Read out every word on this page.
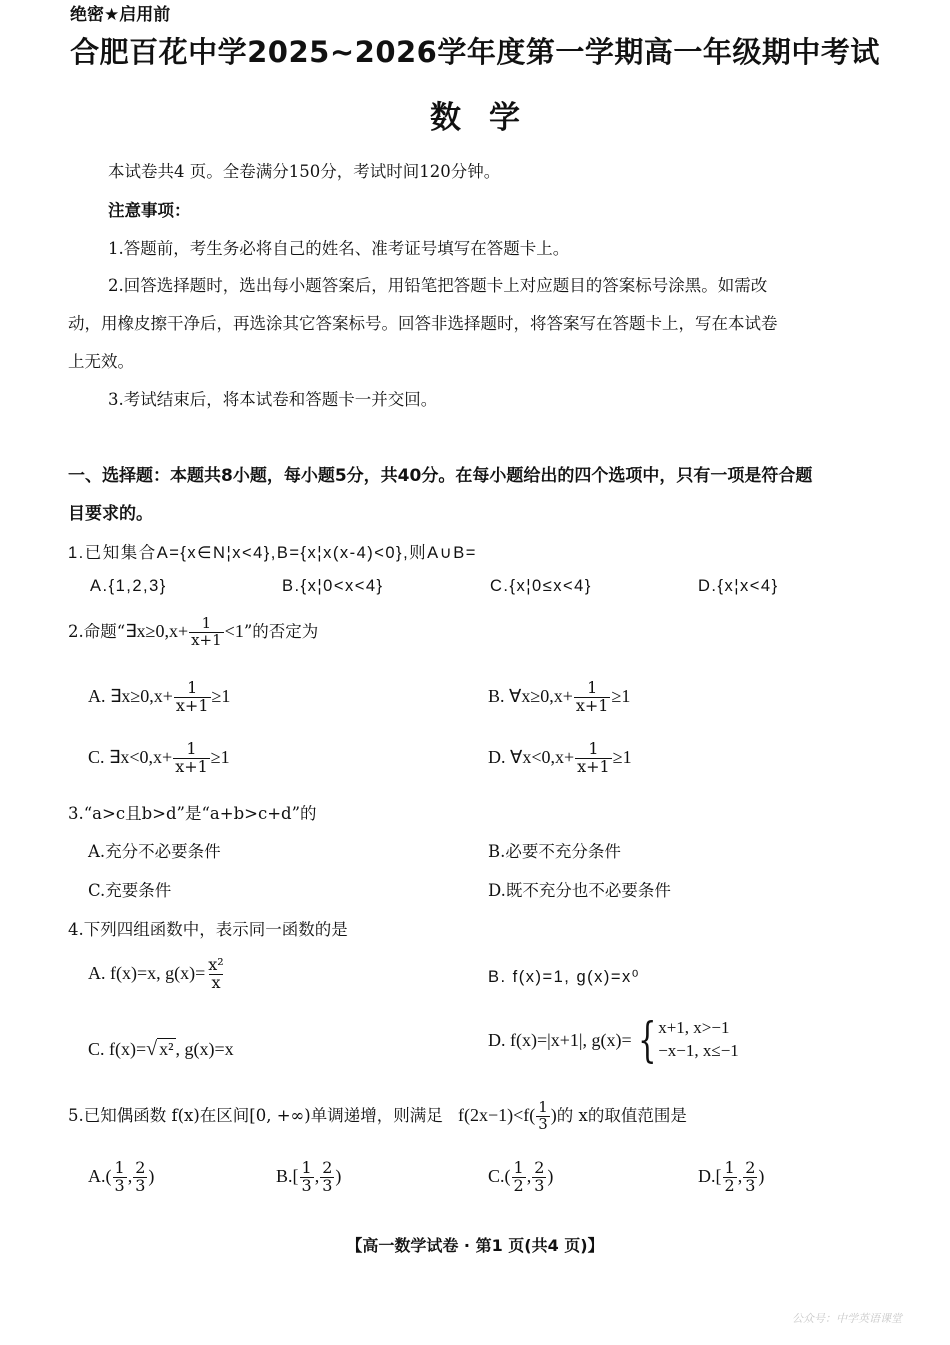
绝密★启用前
合肥百花中学2025~2026学年度第一学期高一年级期中考试
数学
本试卷共4 页。全卷满分150分，考试时间120分钟。
注意事项：
1.答题前，考生务必将自己的姓名、准考证号填写在答题卡上。
2.回答选择题时，选出每小题答案后，用铅笔把答题卡上对应题目的答案标号涂黑。如需改
动，用橡皮擦干净后，再选涂其它答案标号。回答非选择题时，将答案写在答题卡上，写在本试卷
上无效。
3.考试结束后，将本试卷和答题卡一并交回。
一、选择题：本题共8小题，每小题5分，共40分。在每小题给出的四个选项中，只有一项是符合题
目要求的。
1.已知集合A={x∈N¦x<4},B={x¦x(x-4)<0},则A∪B=
A.{1,2,3}	B.{x¦0<x<4}	C.{x¦0≤x<4}	D.{x¦x<4}
2.命题“∃x≥0,x+ $\frac{1}{x+1} <1$”的否定为
A. ∃x≥0,x+ $\frac{1}{x+1} \ge 1$	B. ∀x≥0,x+ $\frac{1}{x+1} \ge 1$
C. ∃x<0,x+ $\frac{1}{x+1} \ge 1$	D. ∀x<0,x+ $\frac{1}{x+1} \ge 1$
3.“a>c且b>d”是“a+b>c+d”的
A.充分不必要条件	B.必要不充分条件
C.充要条件	D.既不充分也不必要条件
4.下列四组函数中，表示同一函数的是
A. f(x)=x, $g(x)= \frac{\text{x²}}{x}$	B. f(x)=1, g(x)=x⁰
C. f(x)=√ x² , g(x)=x	D. f(x)=|x+1|, g(x)= { x+1, x>−1
−x−1, x≤−1
5.已知偶函数 f(x)在区间[0, +∞)单调递增，则满足 $f(2x-1)<f( \frac{1}{3}$ )的 x的取值范围是
$A.( \frac{1}{3}$ , $\frac{2}{3}$ )	$B.[ \frac{1}{3}$ , $\frac{2}{3}$ )	$C.( \frac{1}{2}$ , $\frac{2}{3}$ )	$D.[ \frac{1}{2}$ , $\frac{2}{3}$ )
【高一数学试卷 · 第1 页(共4 页)】
公众号：中学英语课堂
